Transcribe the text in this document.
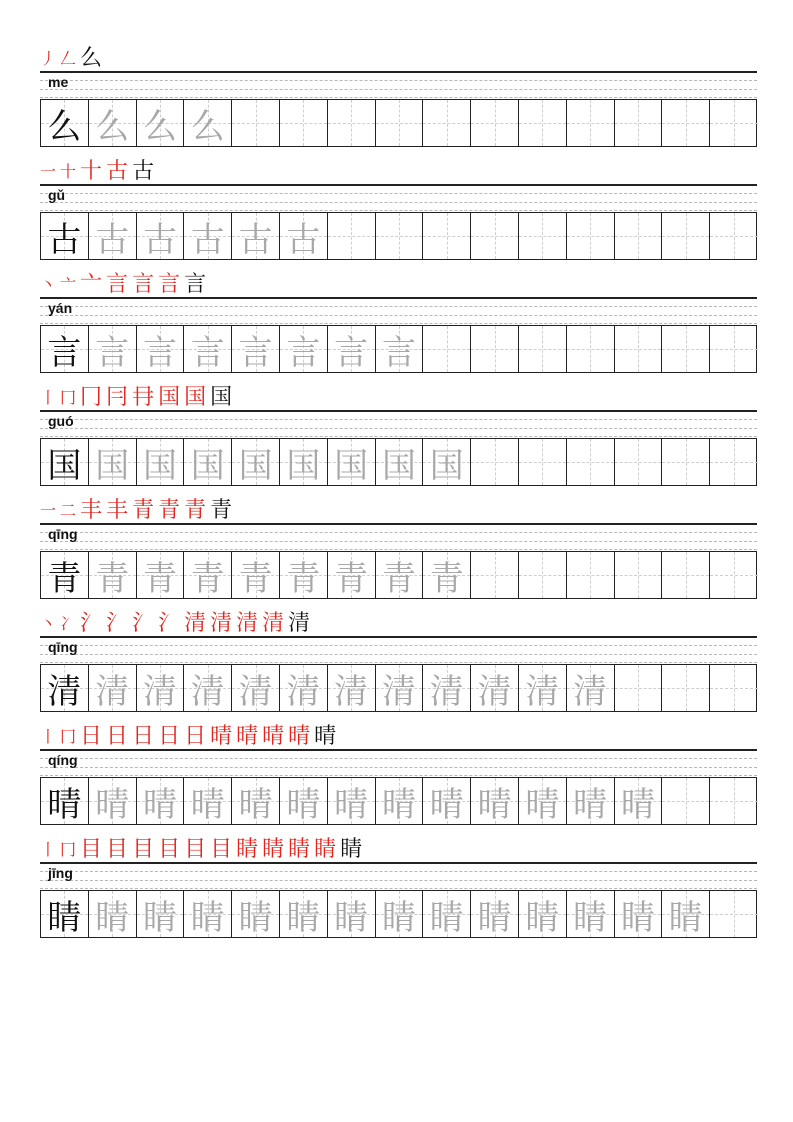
丿 𠃋 么
me
么 么 么 么
一 十 十 古 古
gǔ
古 古 古 古 古 古
丶 亠 亠 言 言 言 言
yán
言 言 言 言 言 言 言 言
丨 冂 冂 冃 冄 国 国 国
guó
国 国 国 国 国 国 国 国 国
一 二 丰 丰 青 青 青 青
qīng
青 青 青 青 青 青 青 青 青
丶 冫 氵 氵 氵 氵 清 清 清 清 清
qīng
清 清 清 清 清 清 清 清 清 清 清 清
丨 冂 日 日 日 日 日 晴 晴 晴 晴 晴
qíng
晴 晴 晴 晴 晴 晴 晴 晴 晴 晴 晴 晴 晴
丨 冂 目 目 目 目 目 目 睛 睛 睛 睛 睛
jīng
睛 睛 睛 睛 睛 睛 睛 睛 睛 睛 睛 睛 睛 睛
